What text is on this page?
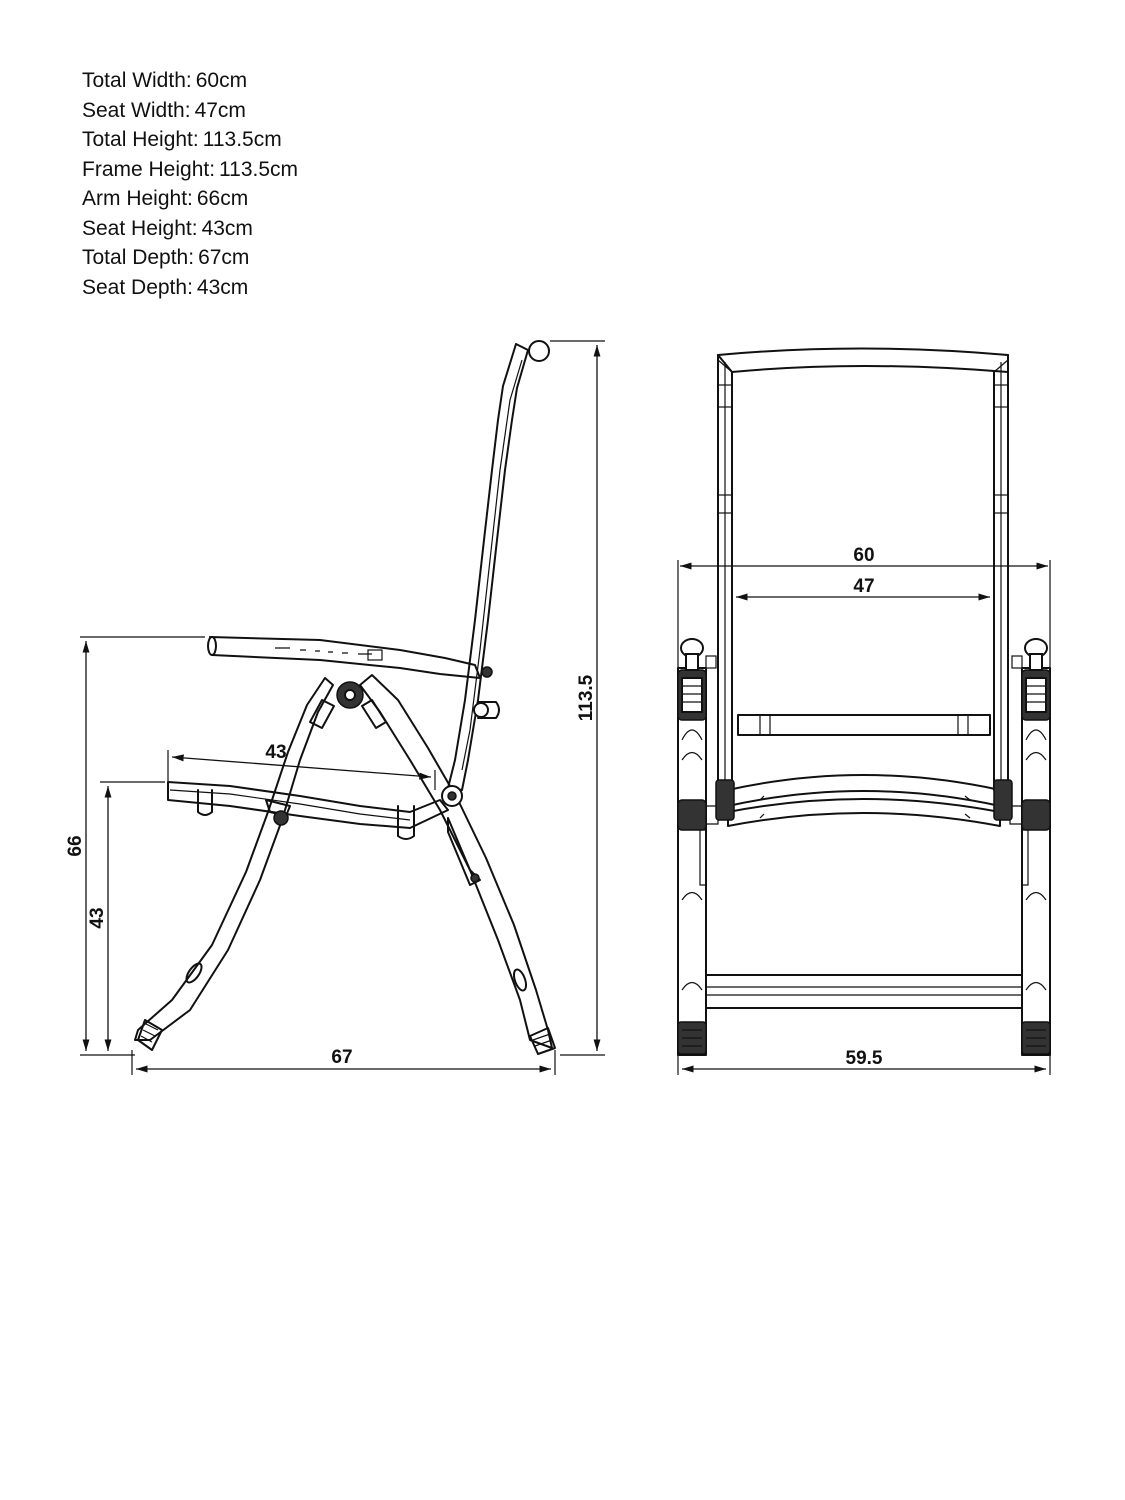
Total Width: 60cm
Seat Width: 47cm
Total Height: 113.5cm
Frame Height: 113.5cm
Arm Height: 66cm
Seat Height: 43cm
Total Depth: 67cm
Seat Depth: 43cm
113.5
66
43
43
67
60
47
59.5
